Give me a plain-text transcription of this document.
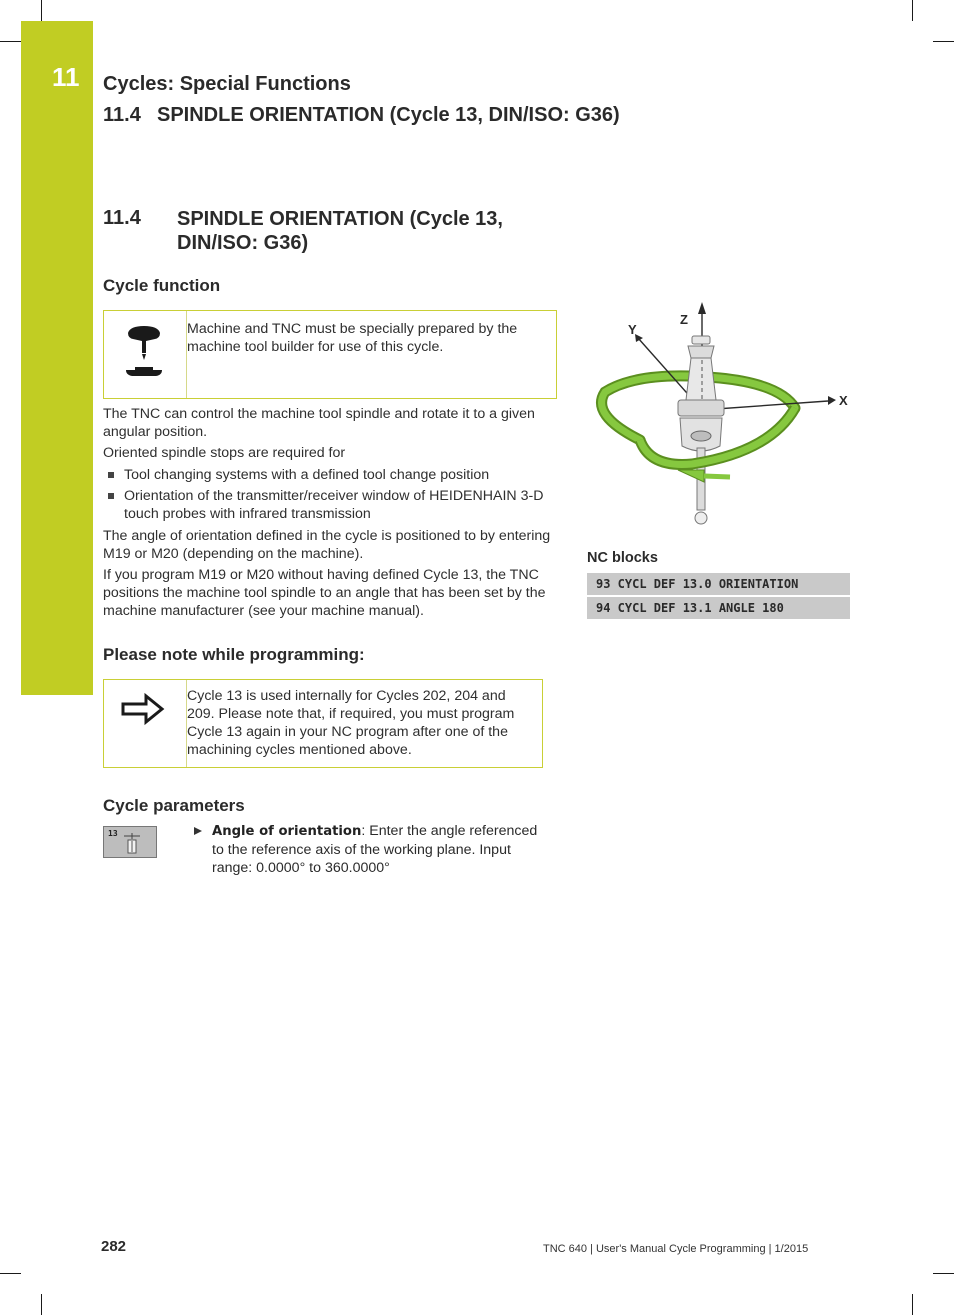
11 Cycles: Special Functions
11.4 SPINDLE ORIENTATION (Cycle 13, DIN/ISO: G36)
11.4 SPINDLE ORIENTATION (Cycle 13, DIN/ISO: G36)
Cycle function
Machine and TNC must be specially prepared by the machine tool builder for use of this cycle.
The TNC can control the machine tool spindle and rotate it to a given angular position.
Oriented spindle stops are required for
Tool changing systems with a defined tool change position
Orientation of the transmitter/receiver window of HEIDENHAIN 3-D touch probes with infrared transmission
The angle of orientation defined in the cycle is positioned to by entering M19 or M20 (depending on the machine).
If you program M19 or M20 without having defined Cycle 13, the TNC positions the machine tool spindle to an angle that has been set by the machine manufacturer (see your machine manual).
Z
Y
X
NC blocks
93 CYCL DEF 13.0 ORIENTATION
94 CYCL DEF 13.1 ANGLE 180
Please note while programming:
Cycle 13 is used internally for Cycles 202, 204 and 209. Please note that, if required, you must program Cycle 13 again in your NC program after one of the machining cycles mentioned above.
Cycle parameters
13	Angle of orientation: Enter the angle referenced to the reference axis of the working plane. Input range: 0.0000° to 360.0000°
282	TNC 640 | User's Manual Cycle Programming | 1/2015
